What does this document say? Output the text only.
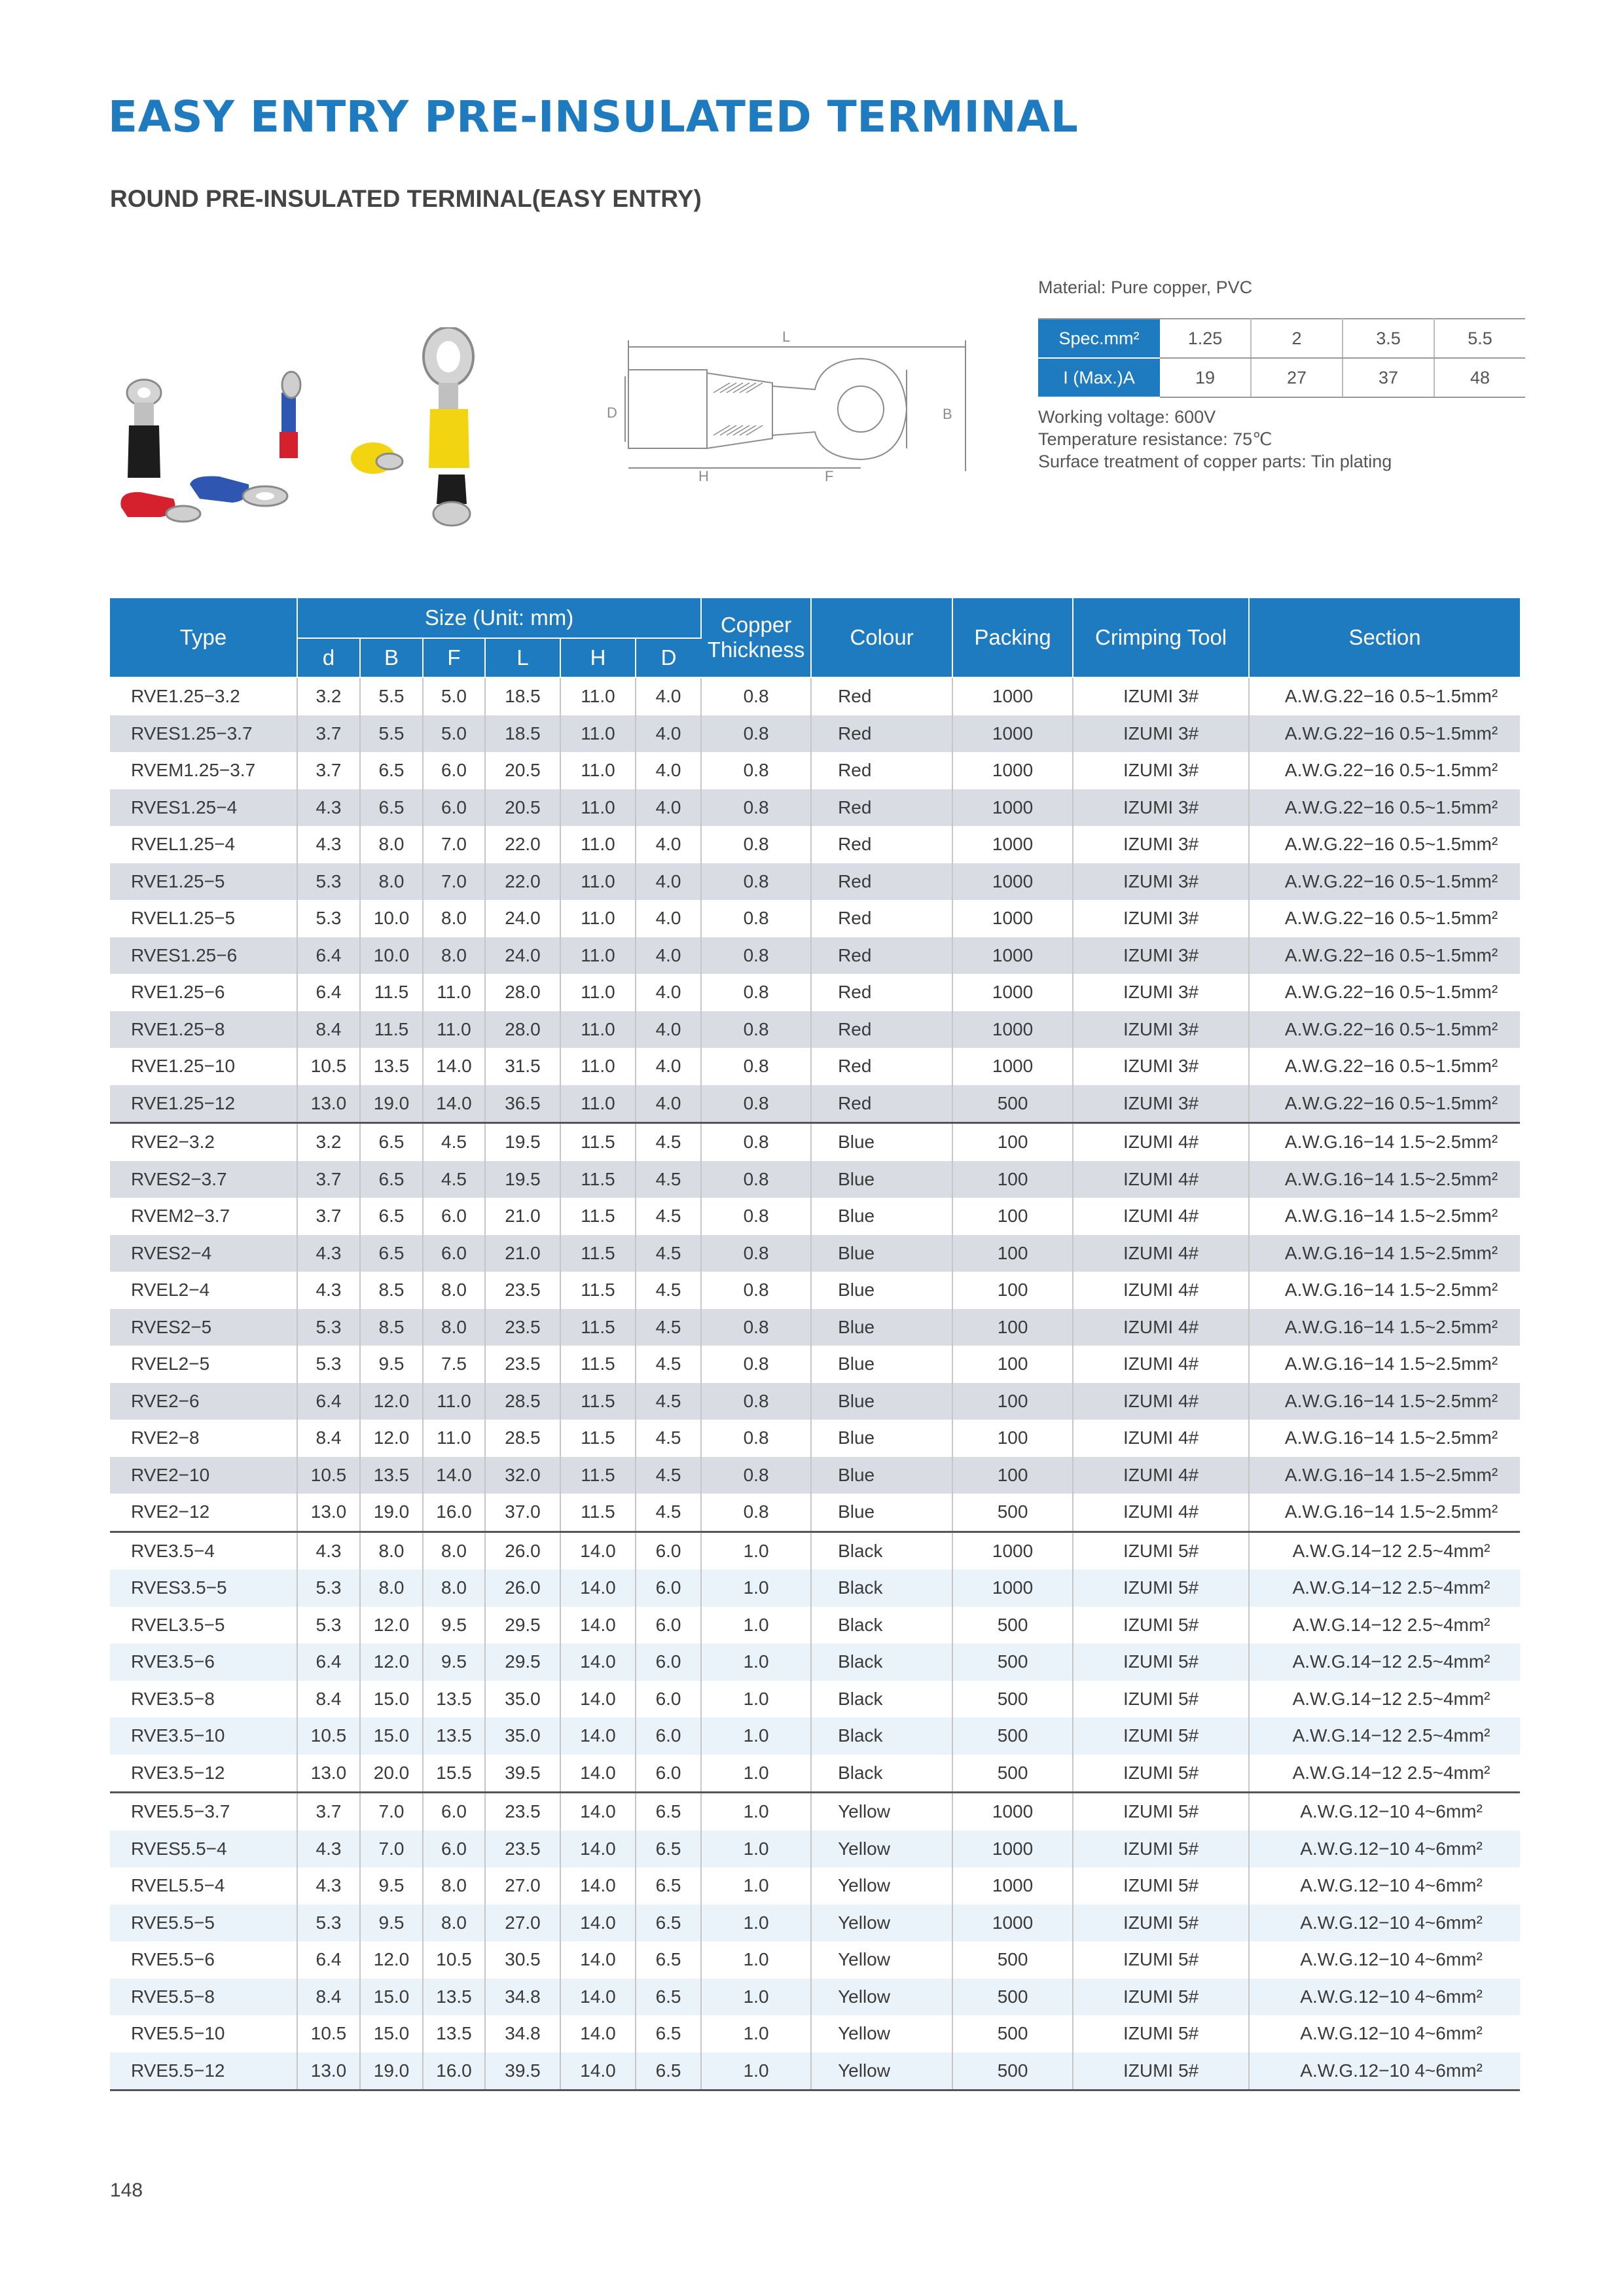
EASY ENTRY PRE-INSULATED TERMINAL
ROUND PRE-INSULATED TERMINAL(EASY ENTRY)
L
D	B
H	F
Material: Pure copper, PVC
Spec.mm²	1.25	2	3.5	5.5
I (Max.)A	19	27	37	48
Working voltage: 600V
Temperature resistance: 75℃
Surface treatment of copper parts: Tin plating
Type	Size (Unit: mm)						Copper Thickness	Colour	Packing	Crimping Tool	Section
	d	B	F	L	H	D					
RVE1.25−3.2	3.2	5.5	5.0	18.5	11.0	4.0	0.8	Red	1000	IZUMI 3#	A.W.G.22−16 0.5~1.5mm²
RVES1.25−3.7	3.7	5.5	5.0	18.5	11.0	4.0	0.8	Red	1000	IZUMI 3#	A.W.G.22−16 0.5~1.5mm²
RVEM1.25−3.7	3.7	6.5	6.0	20.5	11.0	4.0	0.8	Red	1000	IZUMI 3#	A.W.G.22−16 0.5~1.5mm²
RVES1.25−4	4.3	6.5	6.0	20.5	11.0	4.0	0.8	Red	1000	IZUMI 3#	A.W.G.22−16 0.5~1.5mm²
RVEL1.25−4	4.3	8.0	7.0	22.0	11.0	4.0	0.8	Red	1000	IZUMI 3#	A.W.G.22−16 0.5~1.5mm²
RVE1.25−5	5.3	8.0	7.0	22.0	11.0	4.0	0.8	Red	1000	IZUMI 3#	A.W.G.22−16 0.5~1.5mm²
RVEL1.25−5	5.3	10.0	8.0	24.0	11.0	4.0	0.8	Red	1000	IZUMI 3#	A.W.G.22−16 0.5~1.5mm²
RVES1.25−6	6.4	10.0	8.0	24.0	11.0	4.0	0.8	Red	1000	IZUMI 3#	A.W.G.22−16 0.5~1.5mm²
RVE1.25−6	6.4	11.5	11.0	28.0	11.0	4.0	0.8	Red	1000	IZUMI 3#	A.W.G.22−16 0.5~1.5mm²
RVE1.25−8	8.4	11.5	11.0	28.0	11.0	4.0	0.8	Red	1000	IZUMI 3#	A.W.G.22−16 0.5~1.5mm²
RVE1.25−10	10.5	13.5	14.0	31.5	11.0	4.0	0.8	Red	1000	IZUMI 3#	A.W.G.22−16 0.5~1.5mm²
RVE1.25−12	13.0	19.0	14.0	36.5	11.0	4.0	0.8	Red	500	IZUMI 3#	A.W.G.22−16 0.5~1.5mm²
RVE2−3.2	3.2	6.5	4.5	19.5	11.5	4.5	0.8	Blue	100	IZUMI 4#	A.W.G.16−14 1.5~2.5mm²
RVES2−3.7	3.7	6.5	4.5	19.5	11.5	4.5	0.8	Blue	100	IZUMI 4#	A.W.G.16−14 1.5~2.5mm²
RVEM2−3.7	3.7	6.5	6.0	21.0	11.5	4.5	0.8	Blue	100	IZUMI 4#	A.W.G.16−14 1.5~2.5mm²
RVES2−4	4.3	6.5	6.0	21.0	11.5	4.5	0.8	Blue	100	IZUMI 4#	A.W.G.16−14 1.5~2.5mm²
RVEL2−4	4.3	8.5	8.0	23.5	11.5	4.5	0.8	Blue	100	IZUMI 4#	A.W.G.16−14 1.5~2.5mm²
RVES2−5	5.3	8.5	8.0	23.5	11.5	4.5	0.8	Blue	100	IZUMI 4#	A.W.G.16−14 1.5~2.5mm²
RVEL2−5	5.3	9.5	7.5	23.5	11.5	4.5	0.8	Blue	100	IZUMI 4#	A.W.G.16−14 1.5~2.5mm²
RVE2−6	6.4	12.0	11.0	28.5	11.5	4.5	0.8	Blue	100	IZUMI 4#	A.W.G.16−14 1.5~2.5mm²
RVE2−8	8.4	12.0	11.0	28.5	11.5	4.5	0.8	Blue	100	IZUMI 4#	A.W.G.16−14 1.5~2.5mm²
RVE2−10	10.5	13.5	14.0	32.0	11.5	4.5	0.8	Blue	100	IZUMI 4#	A.W.G.16−14 1.5~2.5mm²
RVE2−12	13.0	19.0	16.0	37.0	11.5	4.5	0.8	Blue	500	IZUMI 4#	A.W.G.16−14 1.5~2.5mm²
RVE3.5−4	4.3	8.0	8.0	26.0	14.0	6.0	1.0	Black	1000	IZUMI 5#	A.W.G.14−12 2.5~4mm²
RVES3.5−5	5.3	8.0	8.0	26.0	14.0	6.0	1.0	Black	1000	IZUMI 5#	A.W.G.14−12 2.5~4mm²
RVEL3.5−5	5.3	12.0	9.5	29.5	14.0	6.0	1.0	Black	500	IZUMI 5#	A.W.G.14−12 2.5~4mm²
RVE3.5−6	6.4	12.0	9.5	29.5	14.0	6.0	1.0	Black	500	IZUMI 5#	A.W.G.14−12 2.5~4mm²
RVE3.5−8	8.4	15.0	13.5	35.0	14.0	6.0	1.0	Black	500	IZUMI 5#	A.W.G.14−12 2.5~4mm²
RVE3.5−10	10.5	15.0	13.5	35.0	14.0	6.0	1.0	Black	500	IZUMI 5#	A.W.G.14−12 2.5~4mm²
RVE3.5−12	13.0	20.0	15.5	39.5	14.0	6.0	1.0	Black	500	IZUMI 5#	A.W.G.14−12 2.5~4mm²
RVE5.5−3.7	3.7	7.0	6.0	23.5	14.0	6.5	1.0	Yellow	1000	IZUMI 5#	A.W.G.12−10 4~6mm²
RVES5.5−4	4.3	7.0	6.0	23.5	14.0	6.5	1.0	Yellow	1000	IZUMI 5#	A.W.G.12−10 4~6mm²
RVEL5.5−4	4.3	9.5	8.0	27.0	14.0	6.5	1.0	Yellow	1000	IZUMI 5#	A.W.G.12−10 4~6mm²
RVE5.5−5	5.3	9.5	8.0	27.0	14.0	6.5	1.0	Yellow	1000	IZUMI 5#	A.W.G.12−10 4~6mm²
RVE5.5−6	6.4	12.0	10.5	30.5	14.0	6.5	1.0	Yellow	500	IZUMI 5#	A.W.G.12−10 4~6mm²
RVE5.5−8	8.4	15.0	13.5	34.8	14.0	6.5	1.0	Yellow	500	IZUMI 5#	A.W.G.12−10 4~6mm²
RVE5.5−10	10.5	15.0	13.5	34.8	14.0	6.5	1.0	Yellow	500	IZUMI 5#	A.W.G.12−10 4~6mm²
RVE5.5−12	13.0	19.0	16.0	39.5	14.0	6.5	1.0	Yellow	500	IZUMI 5#	A.W.G.12−10 4~6mm²
148
